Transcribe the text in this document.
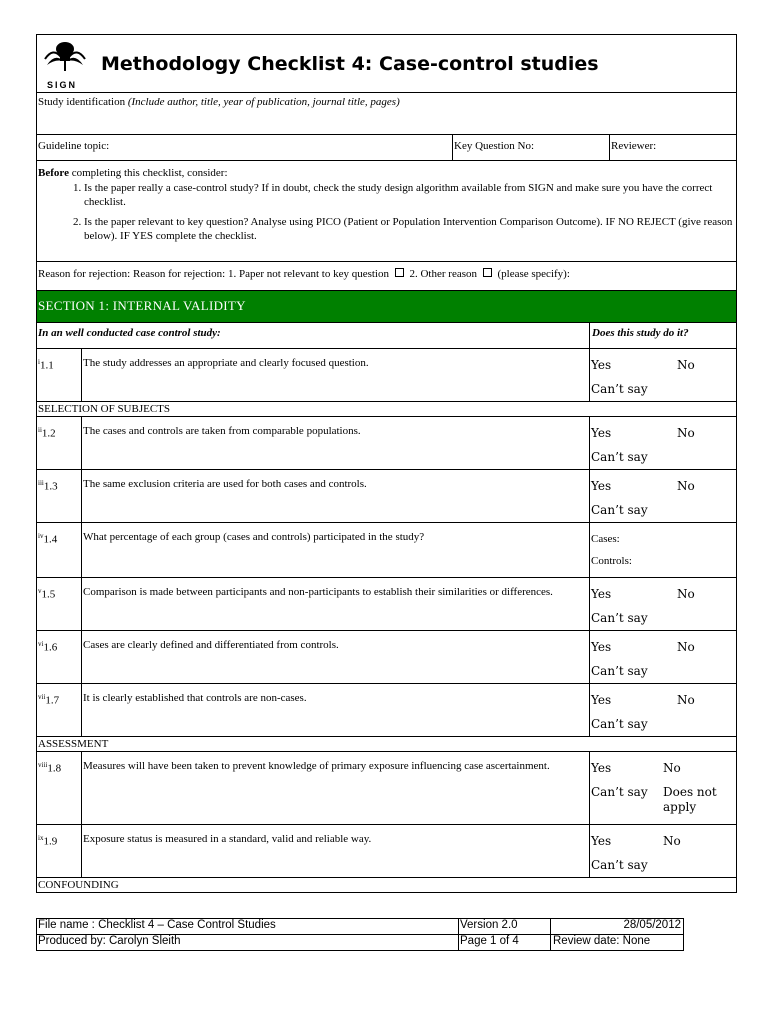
SIGN
Methodology Checklist 4: Case-control studies
Study identification (Include author, title, year of publication, journal title, pages)
Guideline topic:	Key Question No:	Reviewer:
Before completing this checklist, consider:
1. Is the paper really a case-control study? If in doubt, check the study design algorithm available from SIGN and make sure you have the correct checklist.
2. Is the paper relevant to key question? Analyse using PICO (Patient or Population Intervention Comparison Outcome). IF NO REJECT (give reason below). IF YES complete the checklist.
Reason for rejection: Reason for rejection: 1. Paper not relevant to key question 2. Other reason (please specify):
SECTION 1: INTERNAL VALIDITY
In an well conducted case control study:	Does this study do it?
$^i$1.1	The study addresses an appropriate and clearly focused question.	Yes	No
Can’t say
SELECTION OF SUBJECTS
$^{ii}$1.2	The cases and controls are taken from comparable populations.	Yes	No
Can’t say
$^{iii}$1.3	The same exclusion criteria are used for both cases and controls.	Yes	No
Can’t say
$^{iv}$1.4	What percentage of each group (cases and controls) participated in the study?	Cases:
Controls:
$^v$1.5	Comparison is made between participants and non-participants to establish their similarities or differences.	Yes	No
Can’t say
$^{vi}$1.6	Cases are clearly defined and differentiated from controls.	Yes	No
Can’t say
$^{vii}$1.7	It is clearly established that controls are non-cases.	Yes	No
Can’t say
ASSESSMENT
$^{viii}$1.8	Measures will have been taken to prevent knowledge of primary exposure influencing case ascertainment.	Yes	No
Can’t say Does not apply
$^{ix}$1.9	Exposure status is measured in a standard, valid and reliable way.	Yes	No
Can’t say
CONFOUNDING
File name : Checklist 4 – Case Control Studies	Version 2.0	28/05/2012
Produced by: Carolyn Sleith	Page 1 of 4	Review date: None
